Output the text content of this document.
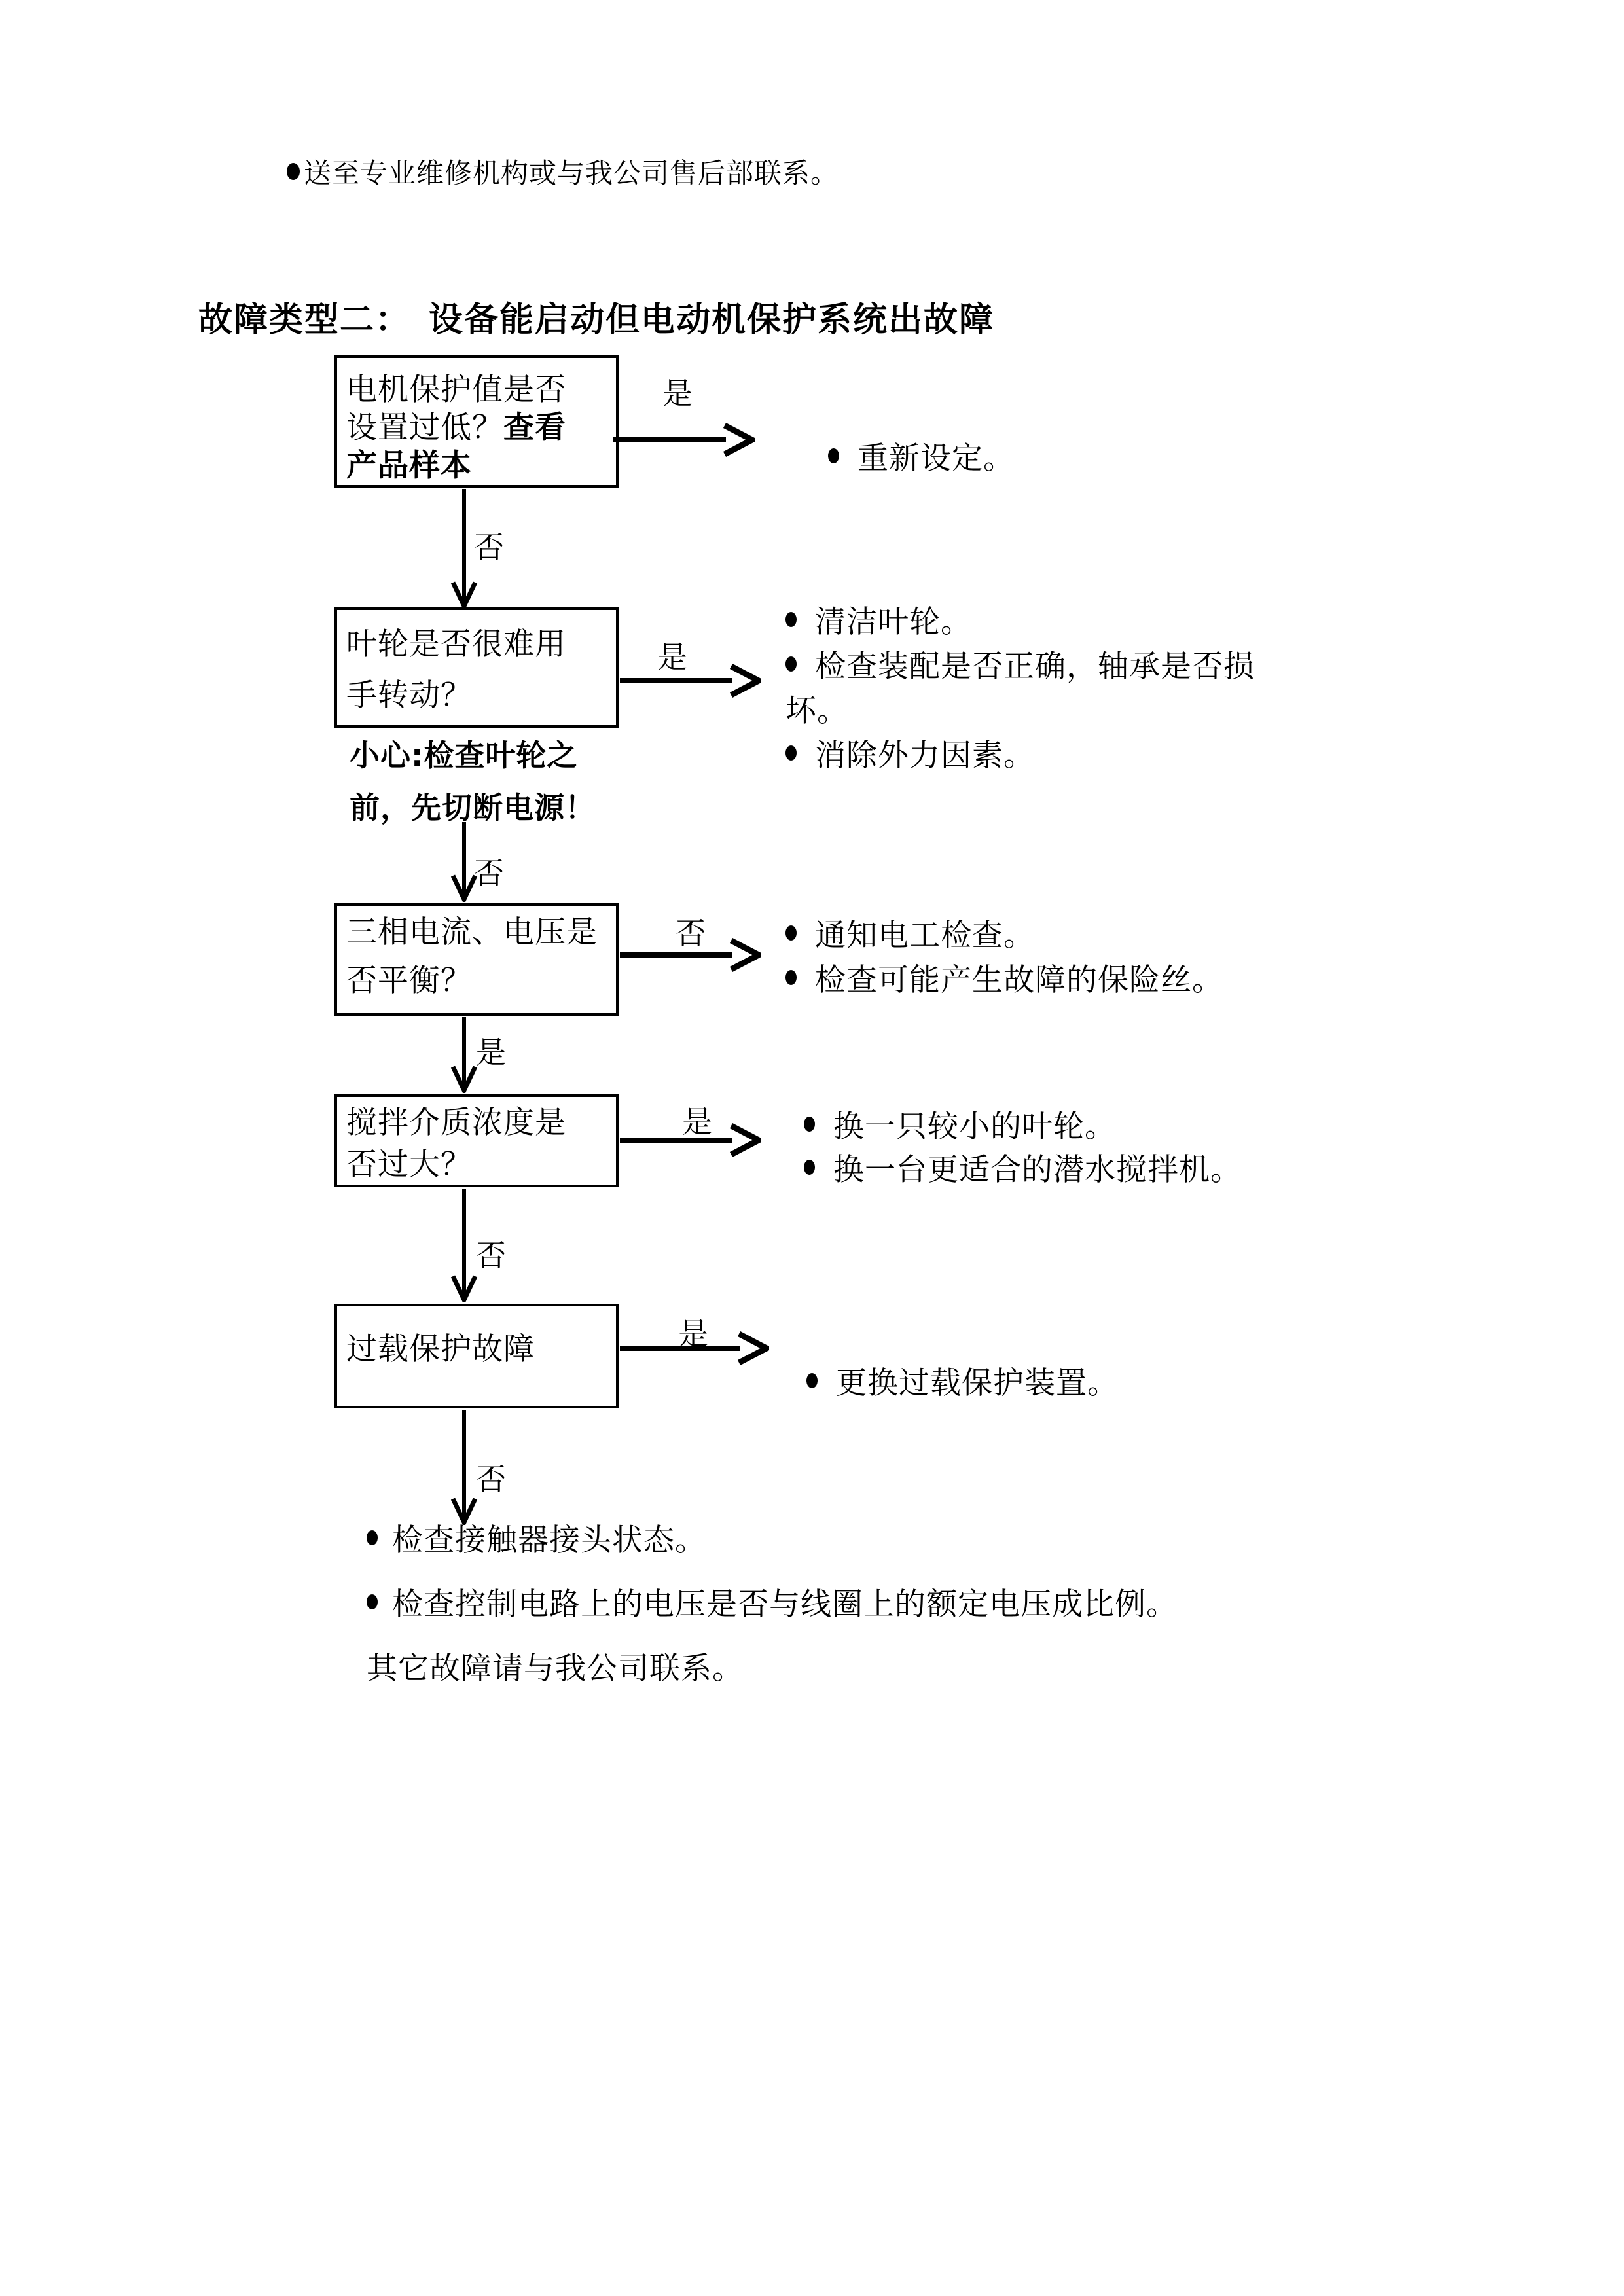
送至专业维修机构或与我公司售后部联系。
故障类型二：　设备能启动但电动机保护系统出故障
电机保护值是否
设置过低？查看
产品样本
是
重新设定。
否
叶轮是否很难用
手转动？
小心:检查叶轮之
前，先切断电源！
是
清洁叶轮。
检查装配是否正确，轴承是否损
坏。
消除外力因素。
否
三相电流、电压是
否平衡？
否	通知电工检查。
检查可能产生故障的保险丝。
是
搅拌介质浓度是
否过大？
是	换一只较小的叶轮。
换一台更适合的潜水搅拌机。
否
过载保护故障	是
更换过载保护装置。
否
检查接触器接头状态。
检查控制电路上的电压是否与线圈上的额定电压成比例。
其它故障请与我公司联系。
